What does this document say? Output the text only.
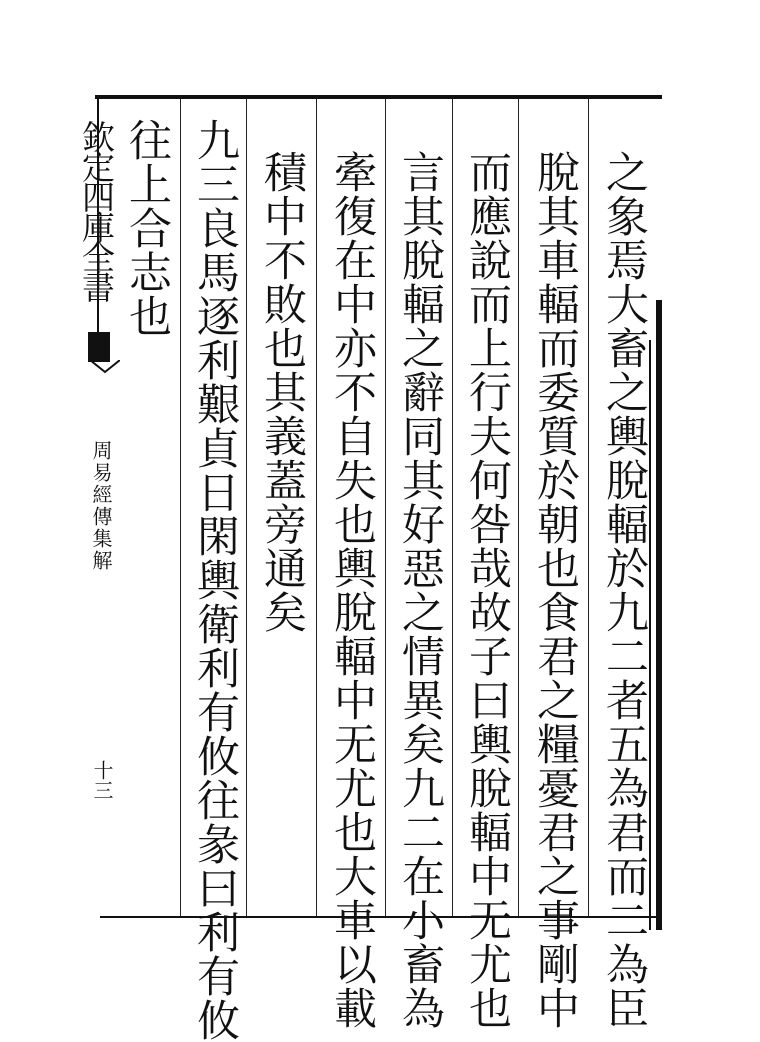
欽定四庫全書
周易經傳集解
十三	之象焉大畜之輿脫輻於九二者五為君而二為臣
脫其車輻而委質於朝也食君之糧憂君之事剛中
而應說而上行夫何咎哉故子曰輿脫輻中无尤也
言其脫輻之辭同其好惡之情異矣九二在小畜為
牽復在中亦不自失也輿脫輻中无尤也大車以載
積中不敗也其義蓋旁通矣
九三良馬逐利艱貞日閑輿衛利有攸往彖曰利有攸
往上合志也
